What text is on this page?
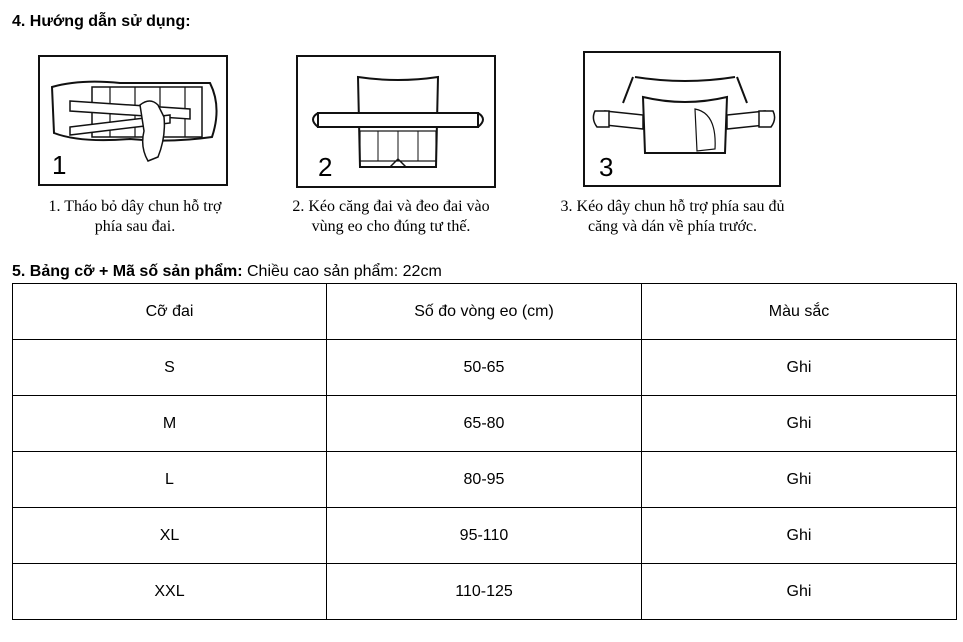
4. Hướng dẫn sử dụng:
1
1. Tháo bỏ dây chun hỗ trợ
phía sau đai.
2
2. Kéo căng đai và đeo đai vào
vùng eo cho đúng tư thế.
3
3. Kéo dây chun hỗ trợ phía sau đủ
căng và dán về phía trước.
5. Bảng cỡ + Mã số sản phẩm: Chiều cao sản phẩm: 22cm
Cỡ đai	Số đo vòng eo (cm)	Màu sắc
S	50-65	Ghi
M	65-80	Ghi
L	80-95	Ghi
XL	95-110	Ghi
XXL	110-125	Ghi
